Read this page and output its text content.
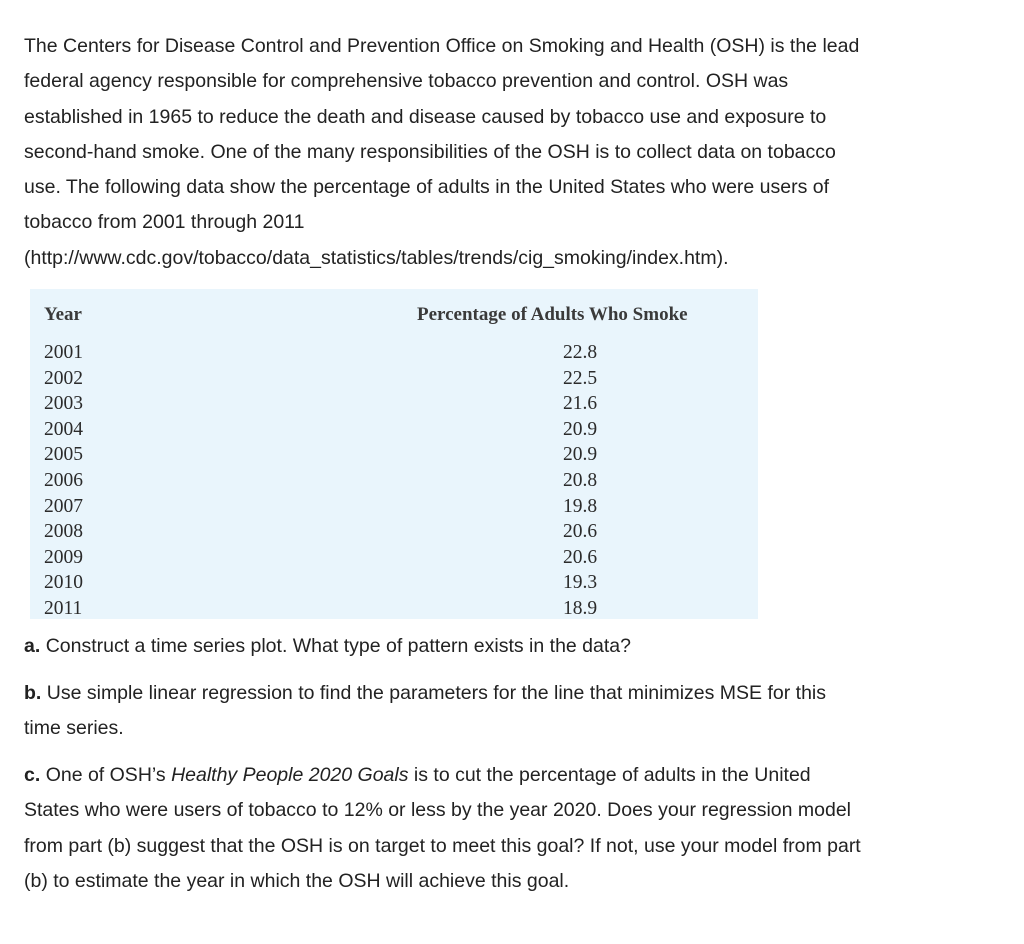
The Centers for Disease Control and Prevention Office on Smoking and Health (OSH) is the lead
federal agency responsible for comprehensive tobacco prevention and control. OSH was
established in 1965 to reduce the death and disease caused by tobacco use and exposure to
second-hand smoke. One of the many responsibilities of the OSH is to collect data on tobacco
use. The following data show the percentage of adults in the United States who were users of
tobacco from 2001 through 2011
(http://www.cdc.gov/tobacco/data_statistics/tables/trends/cig_smoking/index.htm).

Year	Percentage of Adults Who Smoke
2001	22.8
2002	22.5
2003	21.6
2004	20.9
2005	20.9
2006	20.8
2007	19.8
2008	20.6
2009	20.6
2010	19.3
2011	18.9

a. Construct a time series plot. What type of pattern exists in the data?

b. Use simple linear regression to find the parameters for the line that minimizes MSE for this
time series.

c. One of OSH’s Healthy People 2020 Goals is to cut the percentage of adults in the United
States who were users of tobacco to 12% or less by the year 2020. Does your regression model
from part (b) suggest that the OSH is on target to meet this goal? If not, use your model from part
(b) to estimate the year in which the OSH will achieve this goal.
